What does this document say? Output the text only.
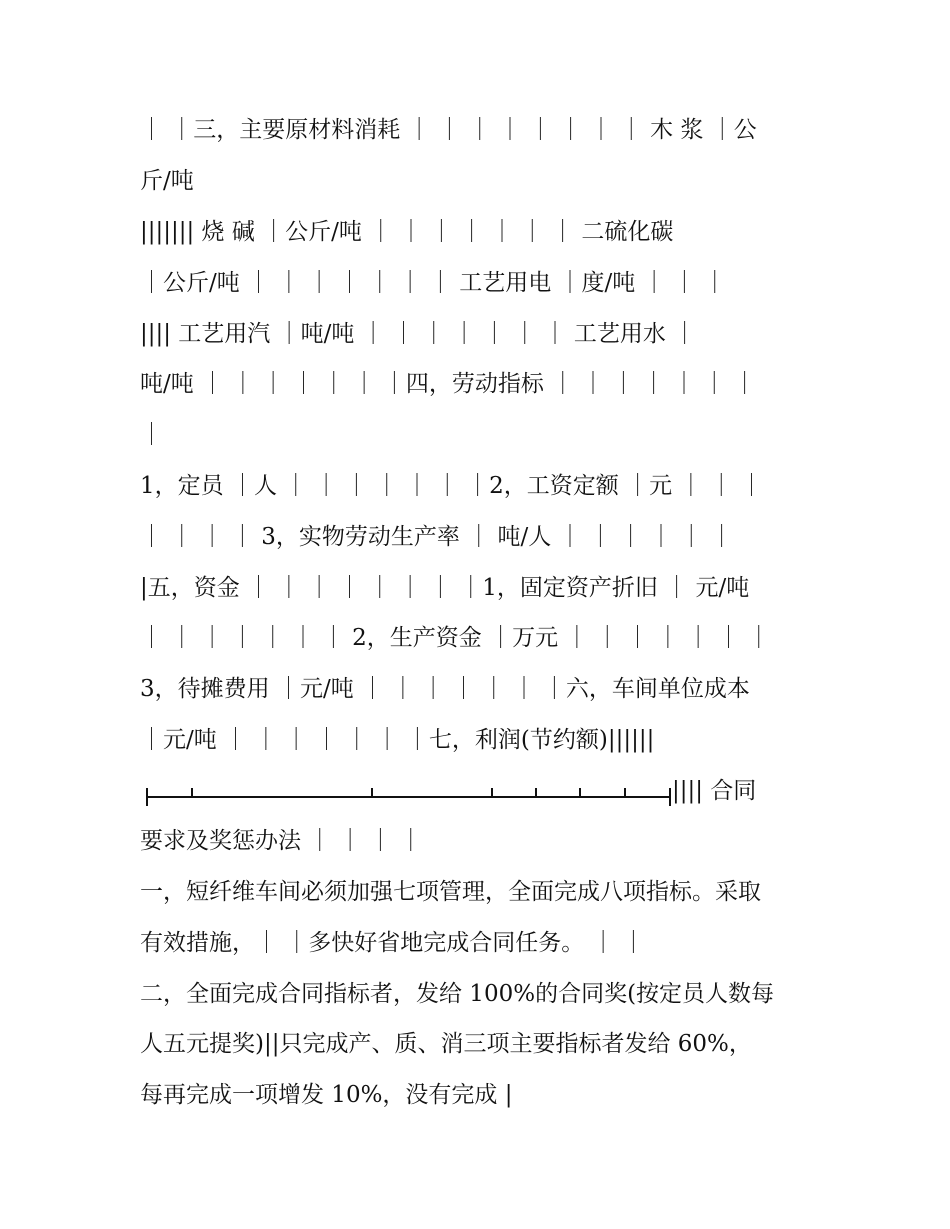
｜ ｜三，主要原材料消耗 ｜ ｜ ｜ ｜ ｜ ｜ ｜ ｜ 木 浆 ｜公
斤/吨
||||||| 烧 碱 ｜公斤/吨 ｜ ｜ ｜ ｜ ｜ ｜ ｜ 二硫化碳
｜公斤/吨 ｜ ｜ ｜ ｜ ｜ ｜ ｜ 工艺用电 ｜度/吨 ｜ ｜ ｜
|||| 工艺用汽 ｜吨/吨 ｜ ｜ ｜ ｜ ｜ ｜ ｜ 工艺用水 ｜
吨/吨 ｜ ｜ ｜ ｜ ｜ ｜ ｜四，劳动指标 ｜ ｜ ｜ ｜ ｜ ｜ ｜
｜
1，定员 ｜人 ｜ ｜ ｜ ｜ ｜ ｜ ｜2，工资定额 ｜元 ｜ ｜ ｜
｜ ｜ ｜ ｜ 3，实物劳动生产率 ｜ 吨/人 ｜ ｜ ｜ ｜ ｜ ｜
|五，资金 ｜ ｜ ｜ ｜ ｜ ｜ ｜ ｜1，固定资产折旧 ｜ 元/吨
｜ ｜ ｜ ｜ ｜ ｜ ｜ 2，生产资金 ｜万元 ｜ ｜ ｜ ｜ ｜ ｜ ｜
3，待摊费用 ｜元/吨 ｜ ｜ ｜ ｜ ｜ ｜ ｜六，车间单位成本
｜元/吨 ｜ ｜ ｜ ｜ ｜ ｜ ｜七，利润(节约额)||||||
|||| 合同
要求及奖惩办法 ｜ ｜ ｜ ｜
一，短纤维车间必须加强七项管理，全面完成八项指标。采取
有效措施，｜ ｜多快好省地完成合同任务。 ｜ ｜
二，全面完成合同指标者，发给 100%的合同奖(按定员人数每
人五元提奖)||只完成产、质、消三项主要指标者发给 60%，
每再完成一项增发 10%，没有完成 |
